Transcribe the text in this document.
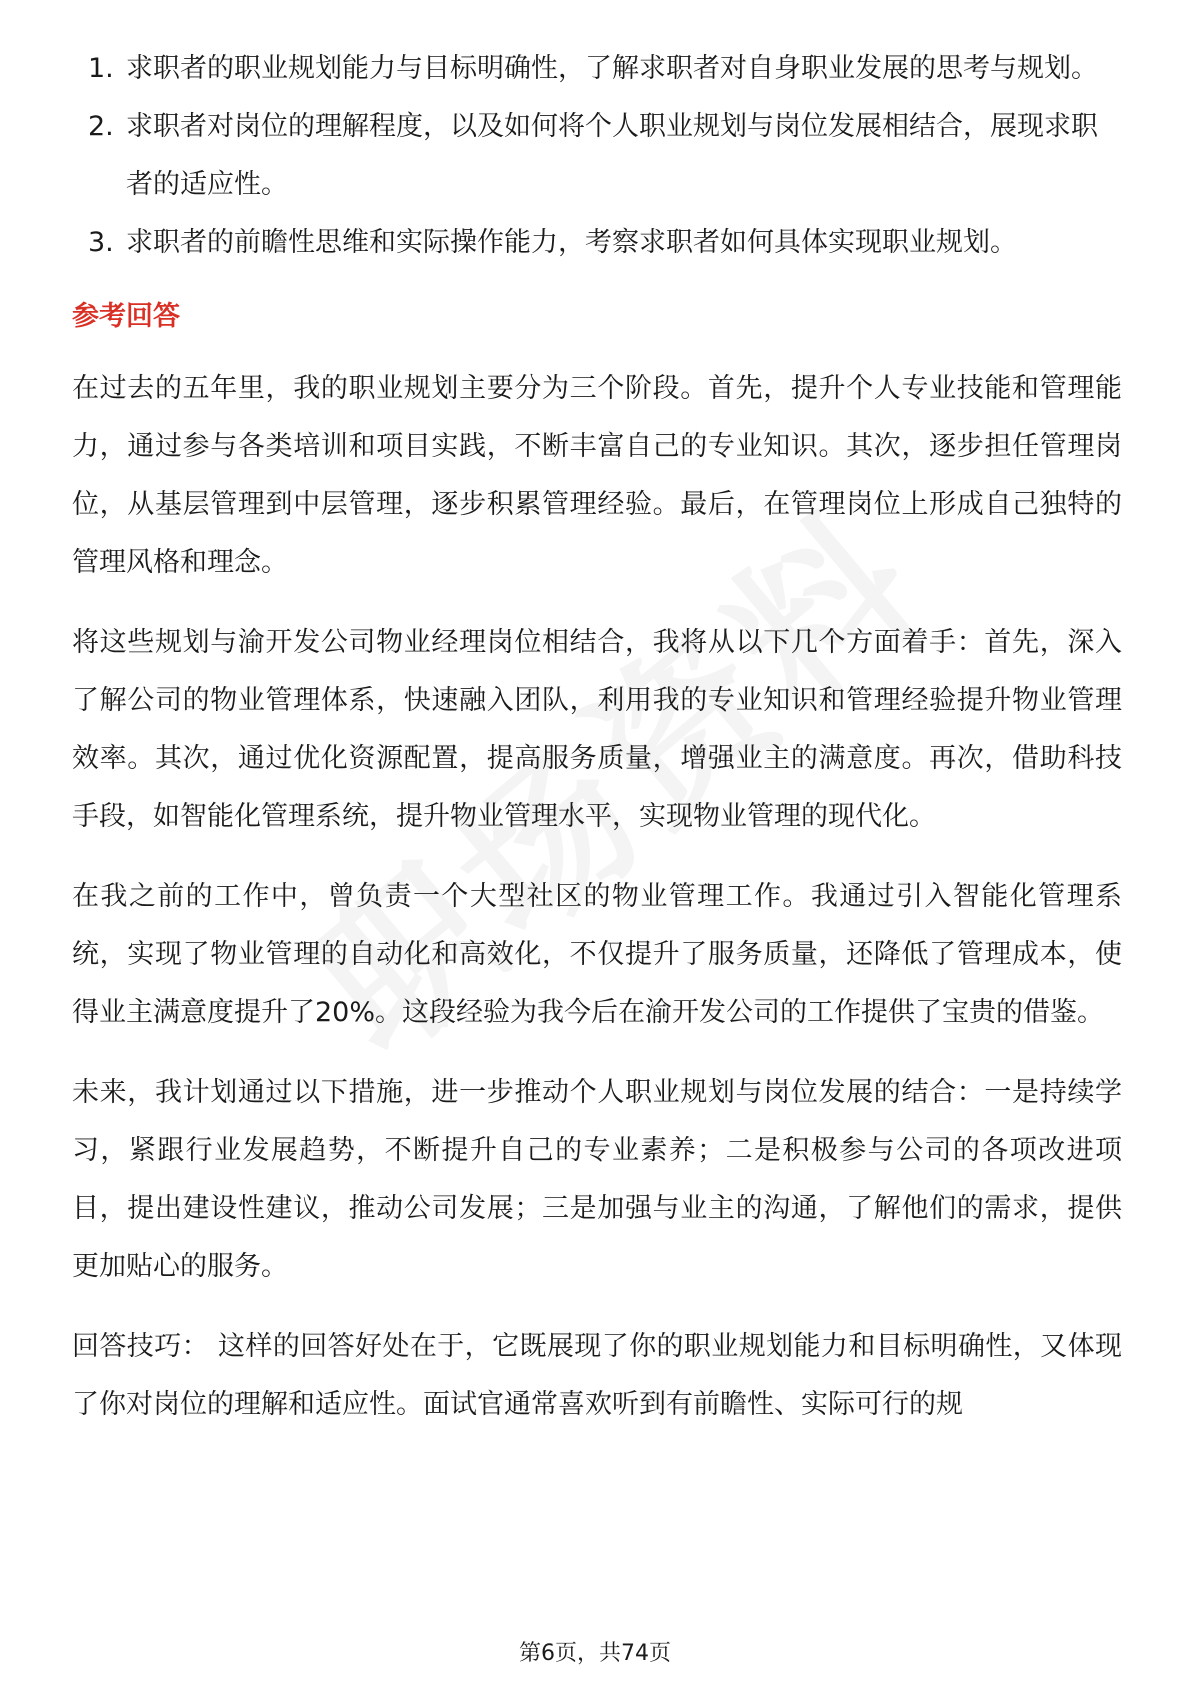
1. 求职者的职业规划能力与目标明确性，了解求职者对自身职业发展的思考与规划。
2. 求职者对岗位的理解程度，以及如何将个人职业规划与岗位发展相结合，展现求职者的适应性。
3. 求职者的前瞻性思维和实际操作能力，考察求职者如何具体实现职业规划。
参考回答

在过去的五年里，我的职业规划主要分为三个阶段。首先，提升个人专业技能和管理能力，通过参与各类培训和项目实践，不断丰富自己的专业知识。其次，逐步担任管理岗位，从基层管理到中层管理，逐步积累管理经验。最后，在管理岗位上形成自己独特的管理风格和理念。

将这些规划与渝开发公司物业经理岗位相结合，我将从以下几个方面着手：首先，深入了解公司的物业管理体系，快速融入团队，利用我的专业知识和管理经验提升物业管理效率。其次，通过优化资源配置，提高服务质量，增强业主的满意度。再次，借助科技手段，如智能化管理系统，提升物业管理水平，实现物业管理的现代化。

在我之前的工作中，曾负责一个大型社区的物业管理工作。我通过引入智能化管理系统，实现了物业管理的自动化和高效化，不仅提升了服务质量，还降低了管理成本，使得业主满意度提升了20%。这段经验为我今后在渝开发公司的工作提供了宝贵的借鉴。

未来，我计划通过以下措施，进一步推动个人职业规划与岗位发展的结合：一是持续学习，紧跟行业发展趋势，不断提升自己的专业素养；二是积极参与公司的各项改进项目，提出建设性建议，推动公司发展；三是加强与业主的沟通，了解他们的需求，提供更加贴心的服务。

回答技巧： 这样的回答好处在于，它既展现了你的职业规划能力和目标明确性，又体现了你对岗位的理解和适应性。面试官通常喜欢听到有前瞻性、实际可行的规

第6页，共74页
